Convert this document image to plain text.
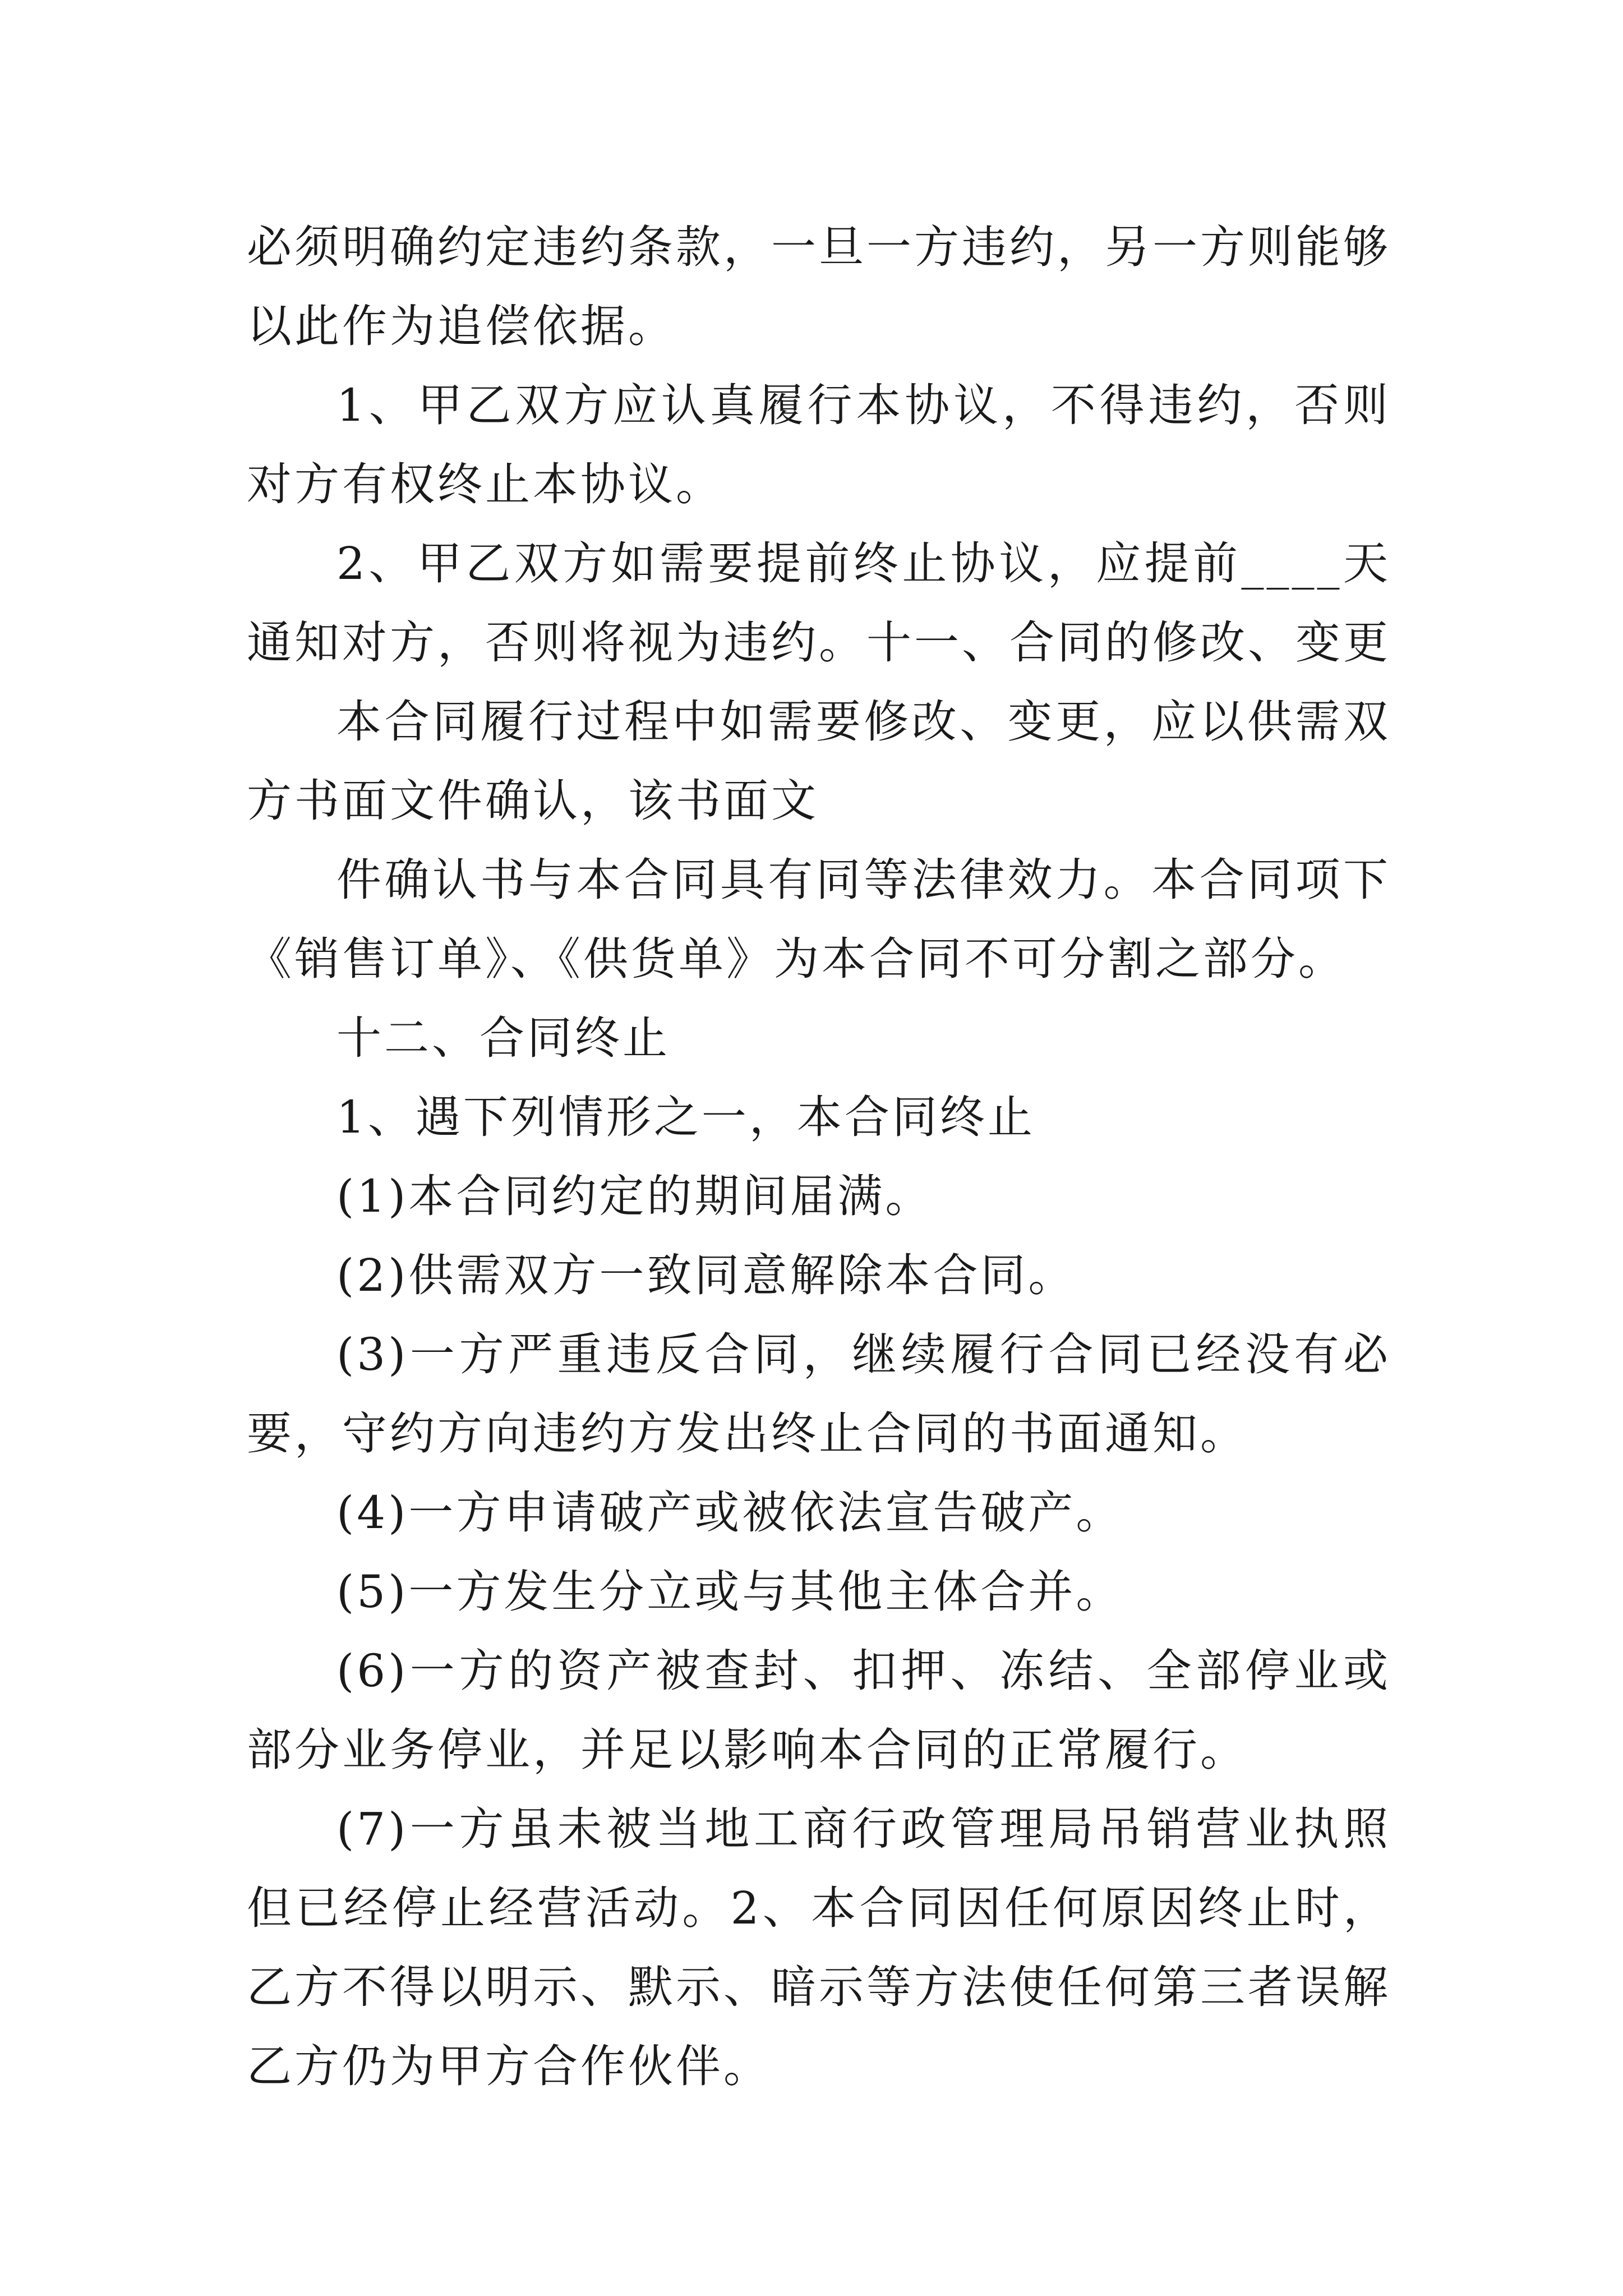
必须明确约定违约条款，一旦一方违约，另一方则能够以此作为追偿依据。

1、甲乙双方应认真履行本协议，不得违约，否则对方有权终止本协议。

2、甲乙双方如需要提前终止协议，应提前____天通知对方，否则将视为违约。十一、合同的修改、变更

本合同履行过程中如需要修改、变更，应以供需双方书面文件确认，该书面文

件确认书与本合同具有同等法律效力。本合同项下《销售订单》、《供货单》为本合同不可分割之部分。

十二、合同终止

1、遇下列情形之一，本合同终止

(1)本合同约定的期间届满。

(2)供需双方一致同意解除本合同。

(3)一方严重违反合同，继续履行合同已经没有必要，守约方向违约方发出终止合同的书面通知。

(4)一方申请破产或被依法宣告破产。

(5)一方发生分立或与其他主体合并。

(6)一方的资产被查封、扣押、冻结、全部停业或部分业务停业，并足以影响本合同的正常履行。

(7)一方虽未被当地工商行政管理局吊销营业执照但已经停止经营活动。2、本合同因任何原因终止时，乙方不得以明示、默示、暗示等方法使任何第三者误解乙方仍为甲方合作伙伴。
